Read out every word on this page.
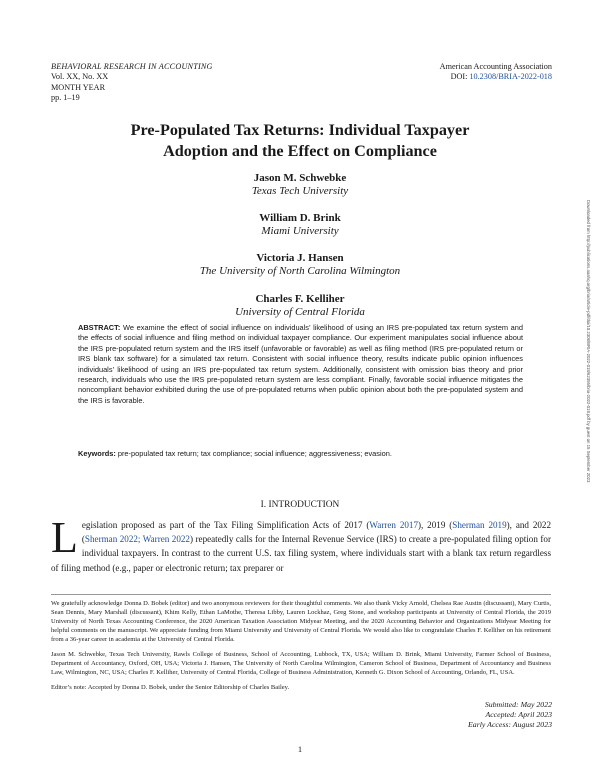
BEHAVIORAL RESEARCH IN ACCOUNTING
Vol. XX, No. XX
MONTH YEAR
pp. 1–19
American Accounting Association
DOI: 10.2308/BRIA-2022-018
Pre-Populated Tax Returns: Individual Taxpayer
Adoption and the Effect on Compliance
Jason M. Schwebke
Texas Tech University
William D. Brink
Miami University
Victoria J. Hansen
The University of North Carolina Wilmington
Charles F. Kelliher
University of Central Florida
ABSTRACT: We examine the effect of social influence on individuals’ likelihood of using an IRS pre-populated tax return system and the effects of social influence and filing method on individual taxpayer compliance. Our experiment manipulates social influence about the IRS pre-populated return system and the IRS itself (unfavorable or favorable) as well as filing method (IRS pre-populated return or IRS blank tax software) for a simulated tax return. Consistent with social influence theory, results indicate public opinion influences individuals’ likelihood of using an IRS pre-populated tax return system. Additionally, consistent with omission bias theory and prior research, individuals who use the IRS pre-populated return system are less compliant. Finally, favorable social influence mitigates the noncompliant behavior exhibited during the use of pre-populated returns when public opinion about both the pre-populated system and the IRS is favorable.
Keywords: pre-populated tax return; tax compliance; social influence; aggressiveness; evasion.
I. INTRODUCTION
Legislation proposed as part of the Tax Filing Simplification Acts of 2017 (Warren 2017), 2019 (Sherman 2019), and 2022 (Sherman 2022; Warren 2022) repeatedly calls for the Internal Revenue Service (IRS) to create a pre-populated filing option for individual taxpayers. In contrast to the current U.S. tax filing system, where individuals start with a blank tax return regardless of filing method (e.g., paper or electronic return; tax preparer or
We gratefully acknowledge Donna D. Bobek (editor) and two anonymous reviewers for their thoughtful comments. We also thank Vicky Arnold, Chelsea Rae Austin (discussant), Mary Curtis, Sean Dennis, Mary Marshall (discussant), Khim Kelly, Ethan LaMothe, Theresa Libby, Lauren Lockhaz, Greg Stone, and workshop participants at University of Central Florida, the 2019 University of North Texas Accounting Conference, the 2020 American Taxation Association Midyear Meeting, and the 2020 Accounting Behavior and Organizations Midyear Meeting for helpful comments on the manuscript. We appreciate funding from Miami University and University of Central Florida. We would also like to congratulate Charles F. Kelliher on his retirement from a 36-year career in academia at the University of Central Florida.
Jason M. Schwebke, Texas Tech University, Rawls College of Business, School of Accounting, Lubbock, TX, USA; William D. Brink, Miami University, Farmer School of Business, Department of Accountancy, Oxford, OH, USA; Victoria J. Hansen, The University of North Carolina Wilmington, Cameron School of Business, Department of Accountancy and Business Law, Wilmington, NC, USA; Charles F. Kelliher, University of Central Florida, College of Business Administration, Kenneth G. Dixon School of Accounting, Orlando, FL, USA.
Editor’s note: Accepted by Donna D. Bobek, under the Senior Editorship of Charles Bailey.
Submitted: May 2022
Accepted: April 2023
Early Access: August 2023
1
Downloaded from http://publications.aaahq.org/bria/article-pdf/doi/10.2308/BRIA-2022-018/62355/bria-2022-018.pdf by guest on 15 September 2023
